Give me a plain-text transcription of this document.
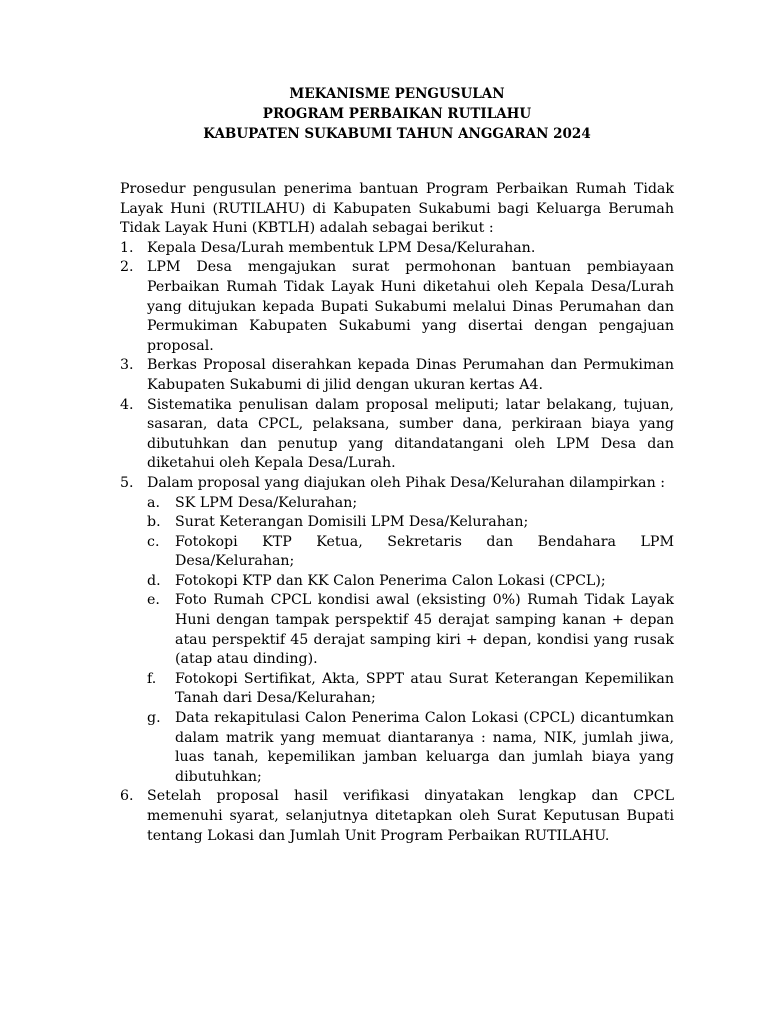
MEKANISME PENGUSULAN

PROGRAM PERBAIKAN RUTILAHU

KABUPATEN SUKABUMI TAHUN ANGGARAN 2024

Prosedur pengusulan penerima bantuan Program Perbaikan Rumah Tidak Layak Huni (RUTILAHU) di Kabupaten Sukabumi bagi Keluarga Berumah Tidak Layak Huni (KBTLH) adalah sebagai berikut :

1. Kepala Desa/Lurah membentuk LPM Desa/Kelurahan.
2. LPM Desa mengajukan surat permohonan bantuan pembiayaan Perbaikan Rumah Tidak Layak Huni diketahui oleh Kepala Desa/Lurah yang ditujukan kepada Bupati Sukabumi melalui Dinas Perumahan dan Permukiman Kabupaten Sukabumi yang disertai dengan pengajuan proposal.
3. Berkas Proposal diserahkan kepada Dinas Perumahan dan Permukiman Kabupaten Sukabumi di jilid dengan ukuran kertas A4.
4. Sistematika penulisan dalam proposal meliputi; latar belakang, tujuan, sasaran, data CPCL, pelaksana, sumber dana, perkiraan biaya yang dibutuhkan dan penutup yang ditandatangani oleh LPM Desa dan diketahui oleh Kepala Desa/Lurah.
5. Dalam proposal yang diajukan oleh Pihak Desa/Kelurahan dilampirkan :
a. SK LPM Desa/Kelurahan;
b. Surat Keterangan Domisili LPM Desa/Kelurahan;
c. Fotokopi KTP Ketua, Sekretaris dan Bendahara LPM Desa/Kelurahan;
d. Fotokopi KTP dan KK Calon Penerima Calon Lokasi (CPCL);
e. Foto Rumah CPCL kondisi awal (eksisting 0%) Rumah Tidak Layak Huni dengan tampak perspektif 45 derajat samping kanan + depan atau perspektif 45 derajat samping kiri + depan, kondisi yang rusak (atap atau dinding).
f. Fotokopi Sertifikat, Akta, SPPT atau Surat Keterangan Kepemilikan Tanah dari Desa/Kelurahan;
g. Data rekapitulasi Calon Penerima Calon Lokasi (CPCL) dicantumkan dalam matrik yang memuat diantaranya : nama, NIK, jumlah jiwa, luas tanah, kepemilikan jamban keluarga dan jumlah biaya yang dibutuhkan;
6. Setelah proposal hasil verifikasi dinyatakan lengkap dan CPCL memenuhi syarat, selanjutnya ditetapkan oleh Surat Keputusan Bupati tentang Lokasi dan Jumlah Unit Program Perbaikan RUTILAHU.
